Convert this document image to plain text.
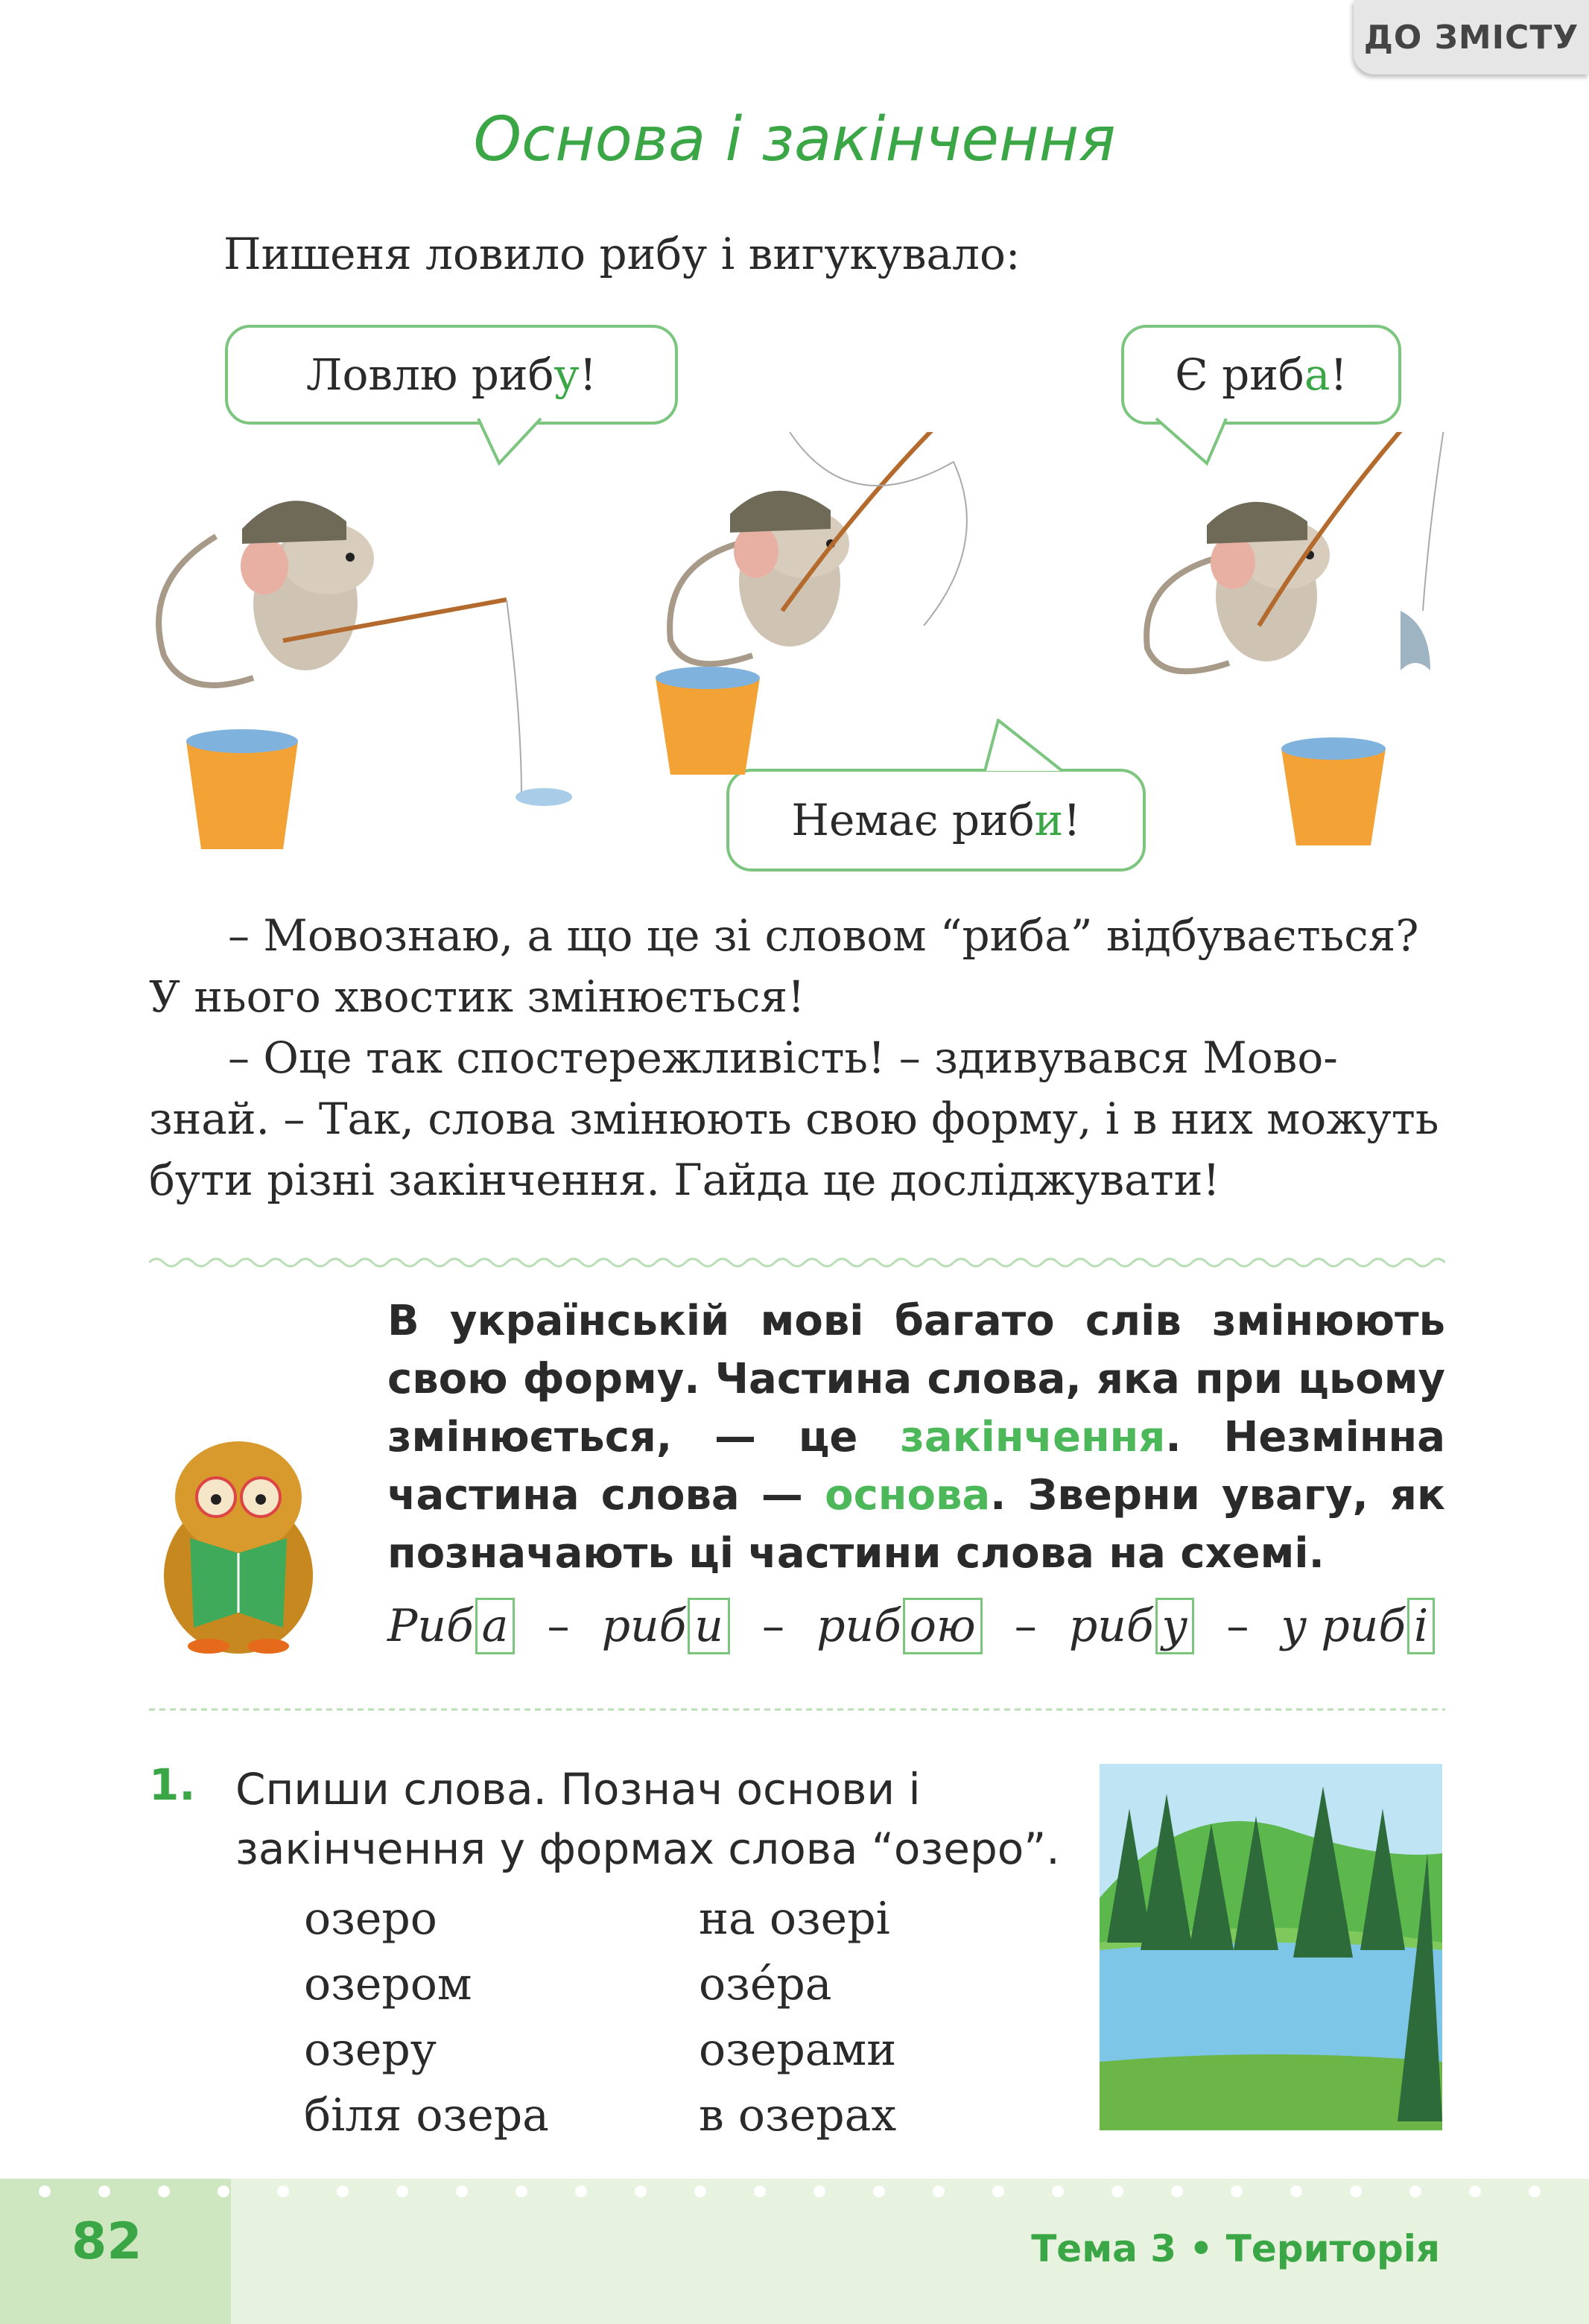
ДО ЗМІСТУ
Основа і закінчення
Пишеня ловило рибу і вигукувало:
Ловлю риб у !	Є риб а !
Немає риб и !

– Мовознаю, а що це зі словом “риба” відбувається?

У нього хвостик змінюється!

– Оце так спостережливість! – здивувався Мово-

знай. – Так, слова змінюють свою форму, і в них можуть

бути різні закінчення. Гайда це досліджувати!

В українській мові багато слів змінюють свою форму. Частина слова, яка при цьому змінюється, — це закінчення. Незмінна частина слова — основа. Зверни увагу, як позначають ці частини слова на схемі.
Риб а – риб и – риб ою – риб у – у риб і
1. Спиши слова. Познач основи і закінчення у формах слова “озеро”.
озеро
озером
озеру
біля озера
на озері
озе́ра
озерами
в озерах
82	Тема 3 • Територія
